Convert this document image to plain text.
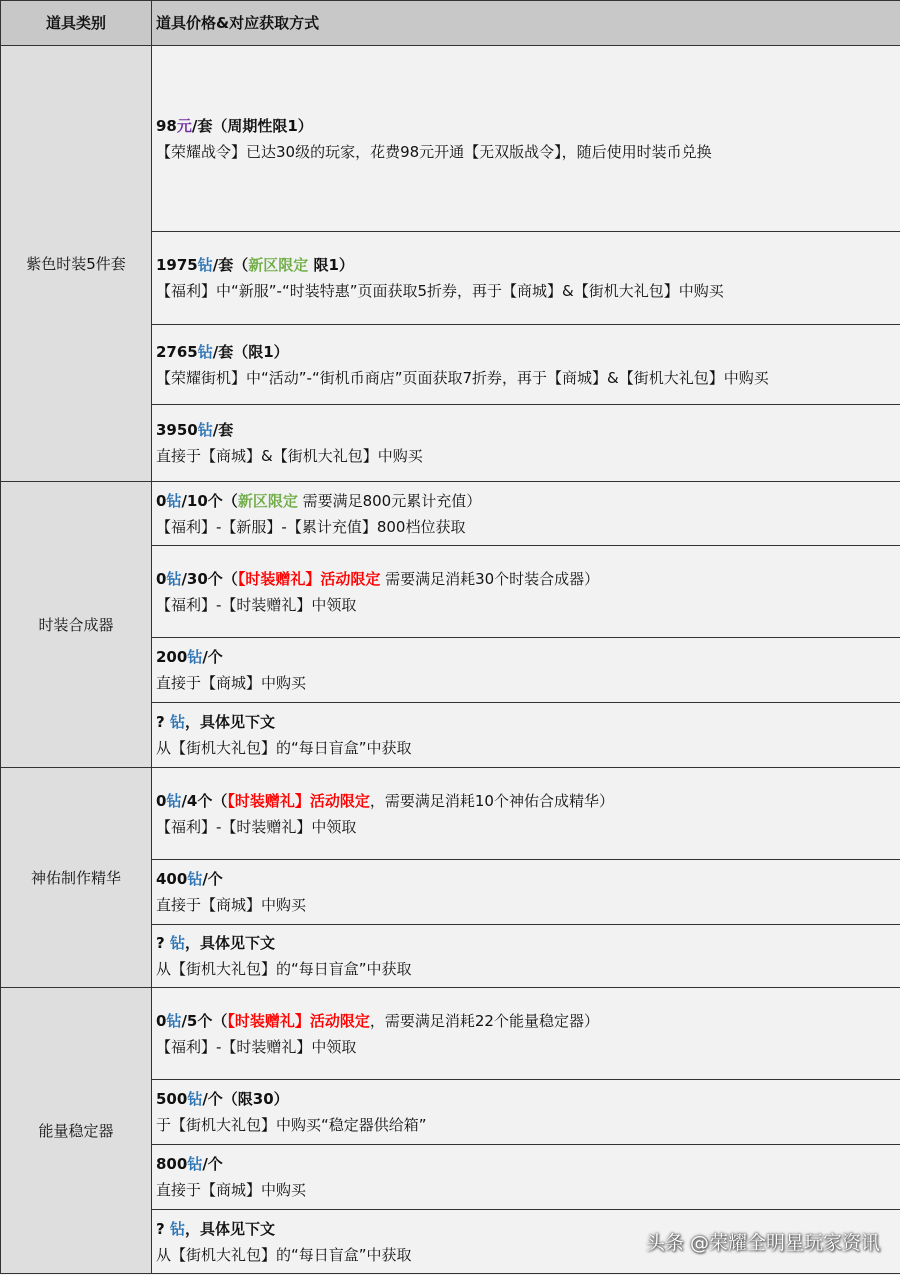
道具类别	道具价格&对应获取方式
紫色时装5件套	98元/套（周期性限1）
【荣耀战令】已达30级的玩家，花费98元开通【无双版战令】，随后使用时装币兑换

	1975钻/套（新区限定 限1）
【福利】中“新服”-“时装特惠”页面获取5折券，再于【商城】&【街机大礼包】中购买

	2765钻/套（限1）
【荣耀街机】中“活动”-“街机币商店”页面获取7折券，再于【商城】&【街机大礼包】中购买

	3950钻/套
直接于【商城】&【街机大礼包】中购买

时装合成器	0钻/10个（新区限定 需要满足800元累计充值）
【福利】-【新服】-【累计充值】800档位获取

	0钻/30个（【时装赠礼】活动限定 需要满足消耗30个时装合成器）
【福利】-【时装赠礼】中领取

	200钻/个
直接于【商城】中购买

	? 钻，具体见下文
从【街机大礼包】的“每日盲盒”中获取

神佑制作精华	0钻/4个（【时装赠礼】活动限定，需要满足消耗10个神佑合成精华）
【福利】-【时装赠礼】中领取

	400钻/个
直接于【商城】中购买

	? 钻，具体见下文
从【街机大礼包】的“每日盲盒”中获取

能量稳定器	0钻/5个（【时装赠礼】活动限定，需要满足消耗22个能量稳定器）
【福利】-【时装赠礼】中领取

	500钻/个（限30）
于【街机大礼包】中购买“稳定器供给箱”

	800钻/个
直接于【商城】中购买

	? 钻，具体见下文
从【街机大礼包】的“每日盲盒”中获取
头条 @荣耀全明星玩家资讯
